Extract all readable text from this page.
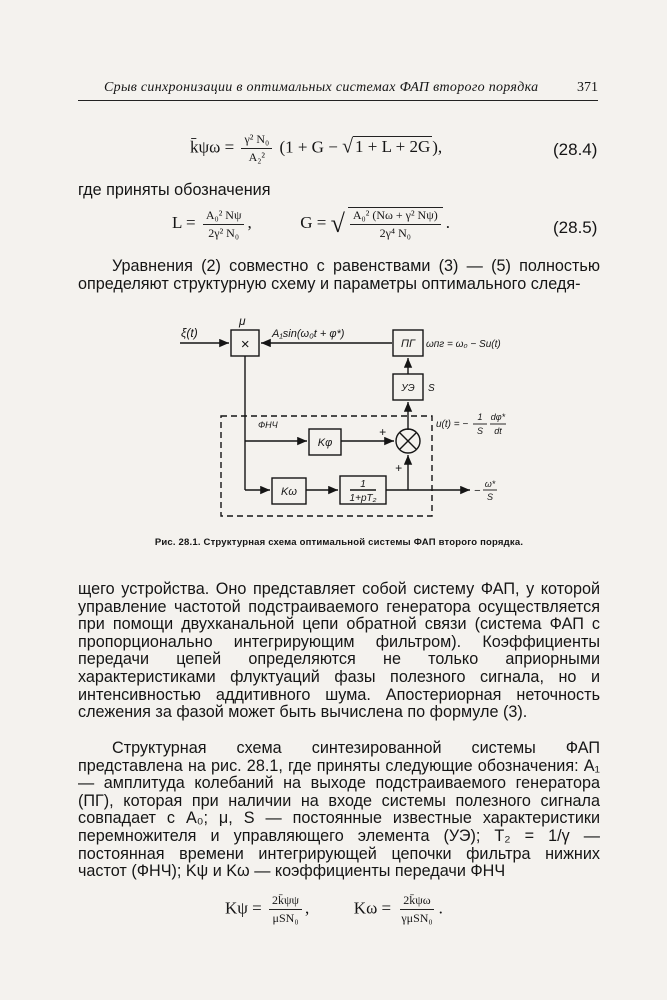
Срыв синхронизации в оптимальных системах ФАП второго порядка	371
k̄ψω = $\frac{\text{γ² N₀}}{\text{A₂²}} (1 + G$ − √ 1 + L + 2G ),	(28.4)
где приняты обозначения
$L = \frac{\text{A₀² Nψ}}{\text{2γ² N₀}}$ ,	G = √ $\frac{\text{A₀² (Nω + γ² Nψ)}}{\text{2γ⁴ N₀}}$ .	(28.5)

Уравнения (2) совместно с равенствами (3) — (5) полностью определяют структурную схему и параметры оптимального следя-

ξ(t)
μ
×
A₁sin(ω₀t + φ*)
ПГ ωпг = ω₀ − Su(t)
УЭ S
ФНЧ
Kφ
Kω
1
1+pT₂
+
+
u(t) = −
1
S
dφ*
dt
−
ω*
S
Рис. 28.1. Структурная схема оптимальной системы ФАП второго порядка.

щего устройства. Оно представляет собой систему ФАП, у которой управление частотой подстраиваемого генератора осуществляется при помощи двухканальной цепи обратной связи (система ФАП с пропорционально интегрирующим фильтром). Коэффициенты передачи цепей определяются не только априорными характеристиками флуктуаций фазы полезного сигнала, но и интенсивностью аддитивного шума. Апостериорная неточность слежения за фазой может быть вычислена по формуле (3).

Структурная схема синтезированной системы ФАП представлена на рис. 28.1, где приняты следующие обозначения: A₁ — амплитуда колебаний на выходе подстраиваемого генератора (ПГ), которая при наличии на входе системы полезного сигнала совпадает с A₀; μ, S — постоянные известные характеристики перемножителя и управляющего элемента (УЭ); T₂ = 1/γ — постоянная времени интегрирующей цепочки фильтра нижних частот (ФНЧ); Kψ и Kω — коэффициенты передачи ФНЧ

$K\psi = \frac{2k̄\psi\psi}{\text{μSN₀}}$ ,	$K\omega = \frac{2k̄\psi\omega}{\text{γμSN₀}}$ .
